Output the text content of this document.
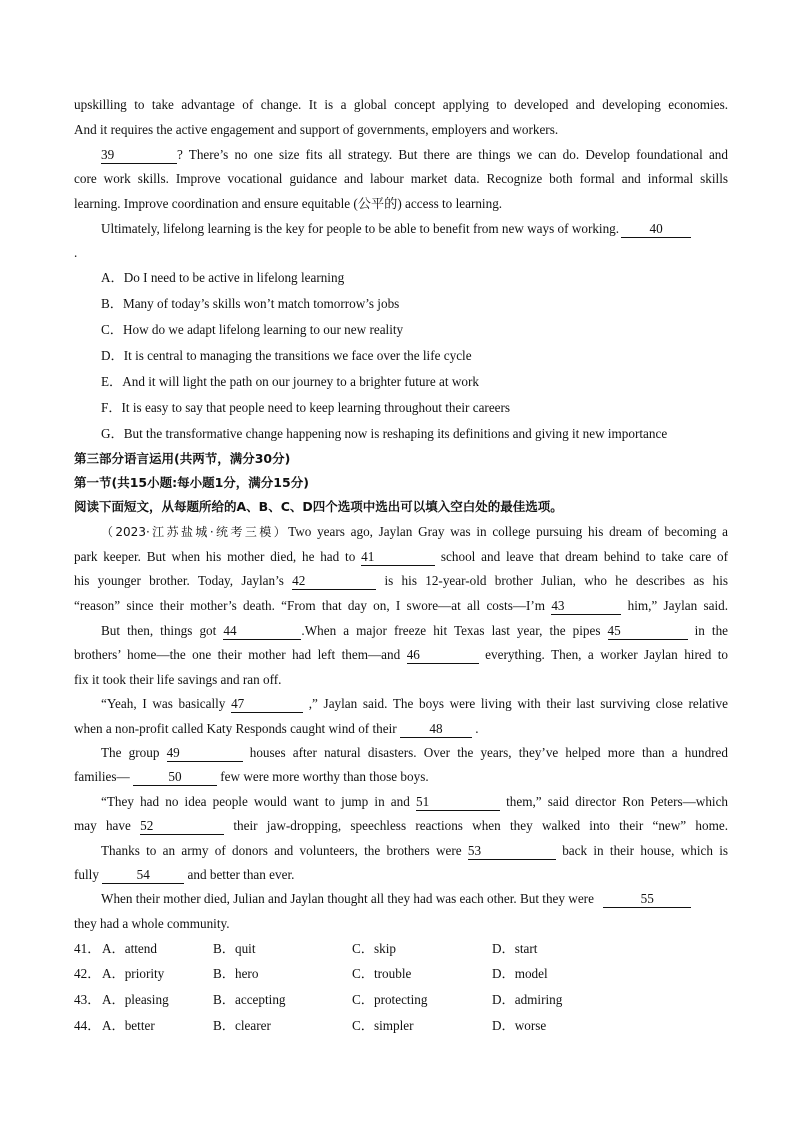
upskilling to take advantage of change. It is a global concept applying to developed and developing economies.
And it requires the active engagement and support of governments, employers and workers.
39	? There’s no one size fits all strategy. But there are things we can do. Develop foundational and
core work skills. Improve vocational guidance and labour market data. Recognize both formal and informal skills
learning. Improve coordination and ensure equitable (公平的) access to learning.
Ultimately, lifelong learning is the key for people to be able to benefit from new ways of working. 40
.
A．Do I need to be active in lifelong learning
B．Many of today’s skills won’t match tomorrow’s jobs
C．How do we adapt lifelong learning to our new reality
D．It is central to managing the transitions we face over the life cycle
E．And it will light the path on our journey to a brighter future at work
F．It is easy to say that people need to keep learning throughout their careers
G．But the transformative change happening now is reshaping its definitions and giving it new importance
第三部分语言运用(共两节，满分30分)
第一节(共15小题:每小题1分，满分15分)
阅读下面短文，从每题所给的A、B、C、D四个选项中选出可以填入空白处的最佳选项。
（2023·江苏盐城·统考三模）Two years ago, Jaylan Gray was in college pursuing his dream of becoming a
park keeper. But when his mother died, he had to 41	school and leave that dream behind to take care of
his younger brother. Today, Jaylan’s 42	is his 12-year-old brother Julian, who he describes as his
“reason” since their mother’s death. “From that day on, I swore—at all costs—I’m 43	him,” Jaylan said.
But then, things got 44	.When a major freeze hit Texas last year, the pipes 45	in the
brothers’ home—the one their mother had left them—and 46	everything. Then, a worker Jaylan hired to
fix it took their life savings and ran off.
“Yeah, I was basically 47	,” Jaylan said. The boys were living with their last surviving close relative
when a non-profit called Katy Responds caught wind of their 48 .
The group 49	houses after natural disasters. Over the years, they’ve helped more than a hundred
families—	50	few were more worthy than those boys.
“They had no idea people would want to jump in and 51	them,” said director Ron Peters—which
may have 52	their jaw-dropping, speechless reactions when they walked into their “new” home.
Thanks to an army of donors and volunteers, the brothers were 53	back in their house, which is
fully	54	and better than ever.
When their mother died, Julian and Jaylan thought all they had was each other. But they were	55
they had a whole community.
41． A．attend	B．quit	C．skip	D．start
42． A．priority	B．hero	C．trouble	D．model
43． A．pleasing	B．accepting	C．protecting	D．admiring
44． A．better	B．clearer	C．simpler	D．worse
